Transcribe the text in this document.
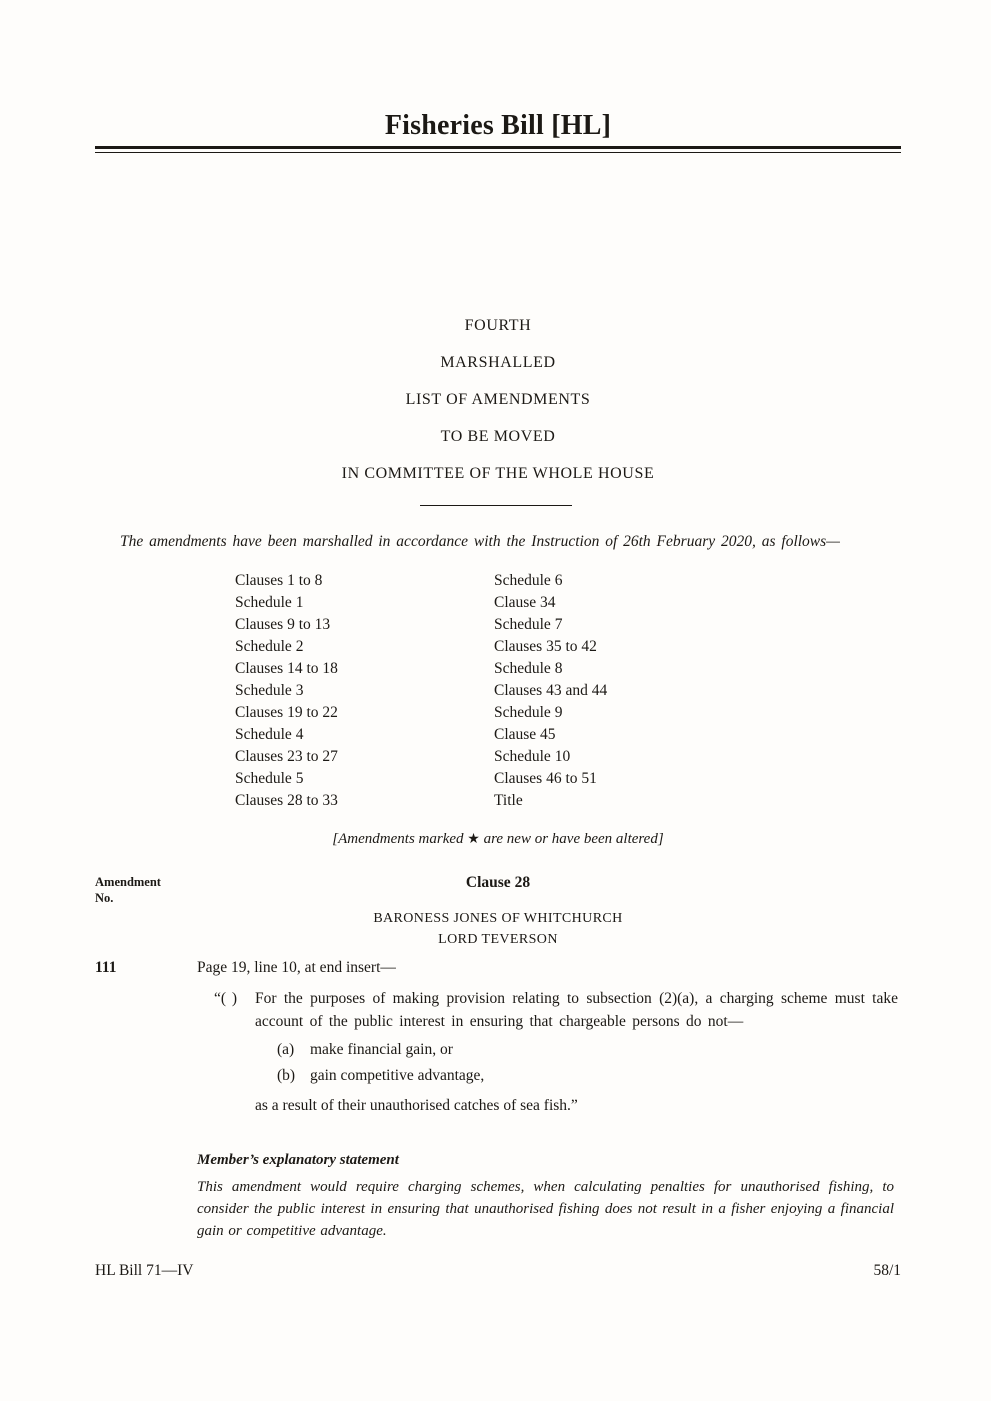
Fisheries Bill [HL]
FOURTH
MARSHALLED
LIST OF AMENDMENTS
TO BE MOVED
IN COMMITTEE OF THE WHOLE HOUSE
The amendments have been marshalled in accordance with the Instruction of 26th February 2020, as follows—
Clauses 1 to 8
Schedule 1
Clauses 9 to 13
Schedule 2
Clauses 14 to 18
Schedule 3
Clauses 19 to 22
Schedule 4
Clauses 23 to 27
Schedule 5
Clauses 28 to 33
Schedule 6
Clause 34
Schedule 7
Clauses 35 to 42
Schedule 8
Clauses 43 and 44
Schedule 9
Clause 45
Schedule 10
Clauses 46 to 51
Title
[Amendments marked ★ are new or have been altered]
Amendment
No.
Clause 28
BARONESS JONES OF WHITCHURCH
LORD TEVERSON
111	Page 19, line 10, at end insert—
“( ) For the purposes of making provision relating to subsection (2)(a), a charging scheme must take account of the public interest in ensuring that chargeable persons do not—
(a) make financial gain, or
(b) gain competitive advantage,
as a result of their unauthorised catches of sea fish.”
Member’s explanatory statement
This amendment would require charging schemes, when calculating penalties for unauthorised fishing, to consider the public interest in ensuring that unauthorised fishing does not result in a fisher enjoying a financial gain or competitive advantage.
HL Bill 71—IV	58/1
